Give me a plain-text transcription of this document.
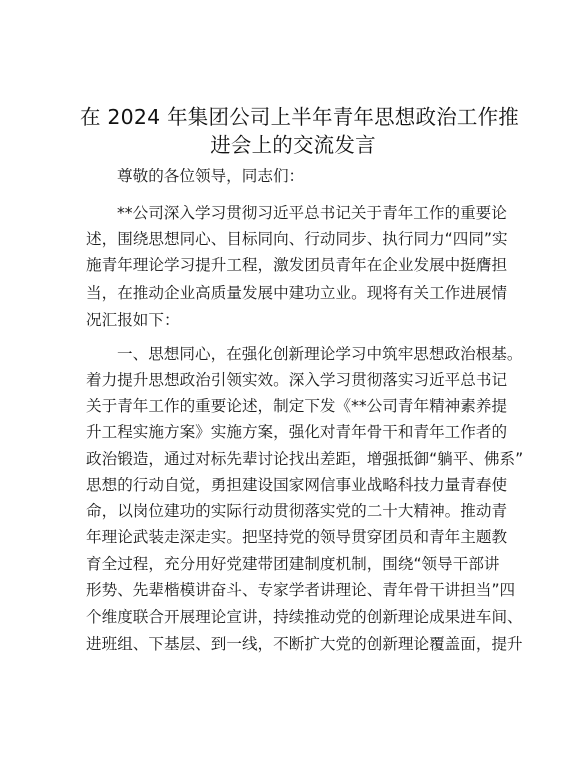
在 2024 年集团公司上半年青年思想政治工作推
进会上的交流发言
尊敬的各位领导，同志们：
**公司深入学习贯彻习近平总书记关于青年工作的重要论
述，围绕思想同心、目标同向、行动同步、执行同力“四同”实
施青年理论学习提升工程，激发团员青年在企业发展中挺膺担
当，在推动企业高质量发展中建功立业。现将有关工作进展情
况汇报如下：
一、思想同心，在强化创新理论学习中筑牢思想政治根基。
着力提升思想政治引领实效。深入学习贯彻落实习近平总书记
关于青年工作的重要论述，制定下发《**公司青年精神素养提
升工程实施方案》实施方案，强化对青年骨干和青年工作者的
政治锻造，通过对标先辈讨论找出差距，增强抵御“躺平、佛系”
思想的行动自觉，勇担建设国家网信事业战略科技力量青春使
命，以岗位建功的实际行动贯彻落实党的二十大精神。推动青
年理论武装走深走实。把坚持党的领导贯穿团员和青年主题教
育全过程，充分用好党建带团建制度机制，围绕“领导干部讲
形势、先辈楷模讲奋斗、专家学者讲理论、青年骨干讲担当”四
个维度联合开展理论宣讲，持续推动党的创新理论成果进车间、
进班组、下基层、到一线，不断扩大党的创新理论覆盖面，提升
